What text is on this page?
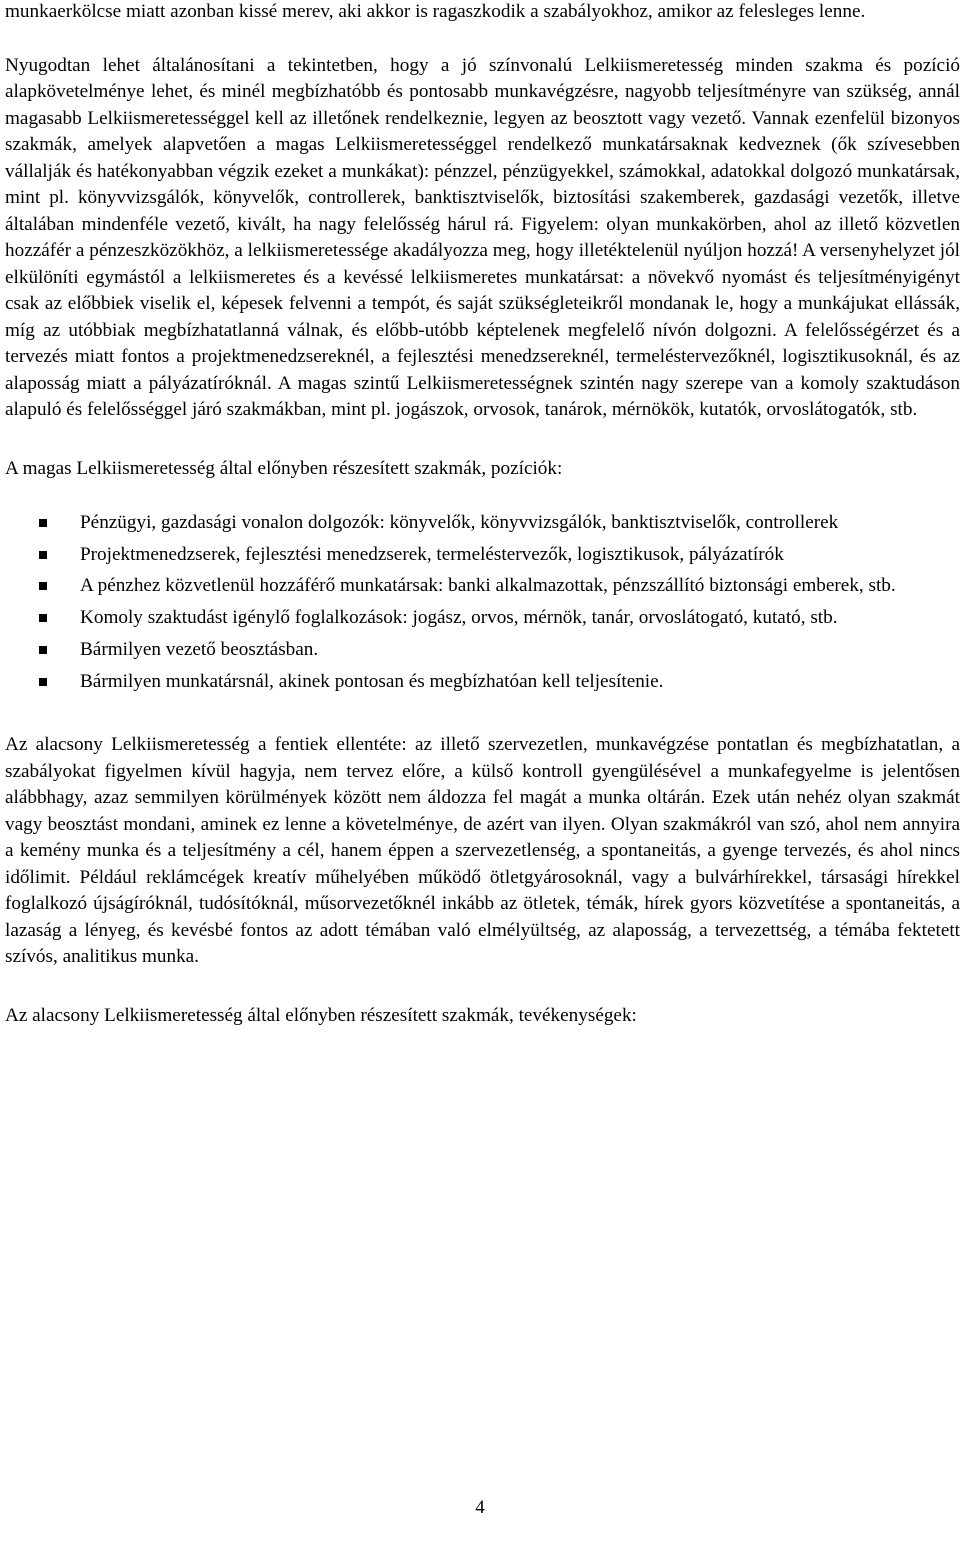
munkaerkölcse miatt azonban kissé merev, aki akkor is ragaszkodik a szabályokhoz, amikor az felesleges lenne.

Nyugodtan lehet általánosítani a tekintetben, hogy a jó színvonalú Lelkiismeretesség minden szakma és pozíció alapkövetelménye lehet, és minél megbízhatóbb és pontosabb munkavégzésre, nagyobb teljesítményre van szükség, annál magasabb Lelkiismeretességgel kell az illetőnek rendelkeznie, legyen az beosztott vagy vezető. Vannak ezenfelül bizonyos szakmák, amelyek alapvetően a magas Lelkiismeretességgel rendelkező munkatársaknak kedveznek (ők szívesebben vállalják és hatékonyabban végzik ezeket a munkákat): pénzzel, pénzügyekkel, számokkal, adatokkal dolgozó munkatársak, mint pl. könyvvizsgálók, könyvelők, controllerek, banktisztviselők, biztosítási szakemberek, gazdasági vezetők, illetve általában mindenféle vezető, kivált, ha nagy felelősség hárul rá. Figyelem: olyan munkakörben, ahol az illető közvetlen hozzáfér a pénzeszközökhöz, a lelkiismeretessége akadályozza meg, hogy illetéktelenül nyúljon hozzá! A versenyhelyzet jól elkülöníti egymástól a lelkiismeretes és a kevéssé lelkiismeretes munkatársat: a növekvő nyomást és teljesítményigényt csak az előbbiek viselik el, képesek felvenni a tempót, és saját szükségleteikről mondanak le, hogy a munkájukat ellássák, míg az utóbbiak megbízhatatlanná válnak, és előbb-utóbb képtelenek megfelelő nívón dolgozni. A felelősségérzet és a tervezés miatt fontos a projektmenedzsereknél, a fejlesztési menedzsereknél, termeléstervezőknél, logisztikusoknál, és az alaposság miatt a pályázatíróknál. A magas szintű Lelkiismeretességnek szintén nagy szerepe van a komoly szaktudáson alapuló és felelősséggel járó szakmákban, mint pl. jogászok, orvosok, tanárok, mérnökök, kutatók, orvoslátogatók, stb.

A magas Lelkiismeretesség által előnyben részesített szakmák, pozíciók:

Pénzügyi, gazdasági vonalon dolgozók: könyvelők, könyvvizsgálók, banktisztviselők, controllerek
Projektmenedzserek, fejlesztési menedzserek, termeléstervezők, logisztikusok, pályázatírók
A pénzhez közvetlenül hozzáférő munkatársak: banki alkalmazottak, pénzszállító biztonsági emberek, stb.
Komoly szaktudást igénylő foglalkozások: jogász, orvos, mérnök, tanár, orvoslátogató, kutató, stb.
Bármilyen vezető beosztásban.
Bármilyen munkatársnál, akinek pontosan és megbízhatóan kell teljesítenie.

Az alacsony Lelkiismeretesség a fentiek ellentéte: az illető szervezetlen, munkavégzése pontatlan és megbízhatatlan, a szabályokat figyelmen kívül hagyja, nem tervez előre, a külső kontroll gyengülésével a munkafegyelme is jelentősen alábbhagy, azaz semmilyen körülmények között nem áldozza fel magát a munka oltárán. Ezek után nehéz olyan szakmát vagy beosztást mondani, aminek ez lenne a követelménye, de azért van ilyen. Olyan szakmákról van szó, ahol nem annyira a kemény munka és a teljesítmény a cél, hanem éppen a szervezetlenség, a spontaneitás, a gyenge tervezés, és ahol nincs időlimit. Például reklámcégek kreatív műhelyében működő ötletgyárosoknál, vagy a bulvárhírekkel, társasági hírekkel foglalkozó újságíróknál, tudósítóknál, műsorvezetőknél inkább az ötletek, témák, hírek gyors közvetítése a spontaneitás, a lazaság a lényeg, és kevésbé fontos az adott témában való elmélyültség, az alaposság, a tervezettség, a témába fektetett szívós, analitikus munka.

Az alacsony Lelkiismeretesség által előnyben részesített szakmák, tevékenységek:

4
